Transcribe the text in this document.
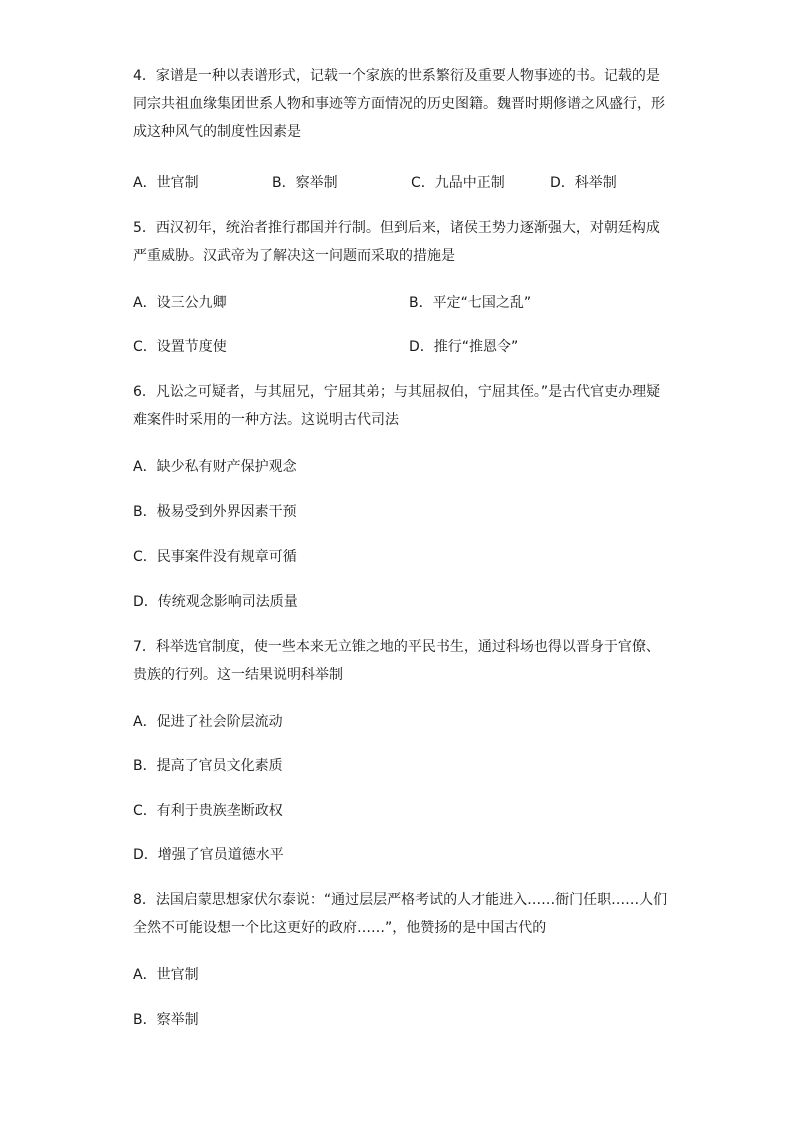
4．家谱是一种以表谱形式，记载一个家族的世系繁衍及重要人物事迹的书。记载的是
同宗共祖血缘集团世系人物和事迹等方面情况的历史图籍。魏晋时期修谱之风盛行，形
成这种风气的制度性因素是
A．世官制	B．察举制	C．九品中正制	D．科举制
5．西汉初年，统治者推行郡国并行制。但到后来，诸侯王势力逐渐强大，对朝廷构成
严重威胁。汉武帝为了解决这一问题而采取的措施是
A．设三公九卿	B．平定“七国之乱”
C．设置节度使	D．推行“推恩令”
6．凡讼之可疑者，与其屈兄，宁屈其弟；与其屈叔伯，宁屈其侄。”是古代官吏办理疑
难案件时采用的一种方法。这说明古代司法
A．缺少私有财产保护观念
B．极易受到外界因素干预
C．民事案件没有规章可循
D．传统观念影响司法质量
7．科举选官制度，使一些本来无立锥之地的平民书生，通过科场也得以晋身于官僚、
贵族的行列。这一结果说明科举制
A．促进了社会阶层流动
B．提高了官员文化素质
C．有利于贵族垄断政权
D．增强了官员道德水平
8．法国启蒙思想家伏尔泰说：“通过层层严格考试的人才能进入……衙门任职……人们
全然不可能设想一个比这更好的政府……”，他赞扬的是中国古代的
A．世官制
B．察举制
